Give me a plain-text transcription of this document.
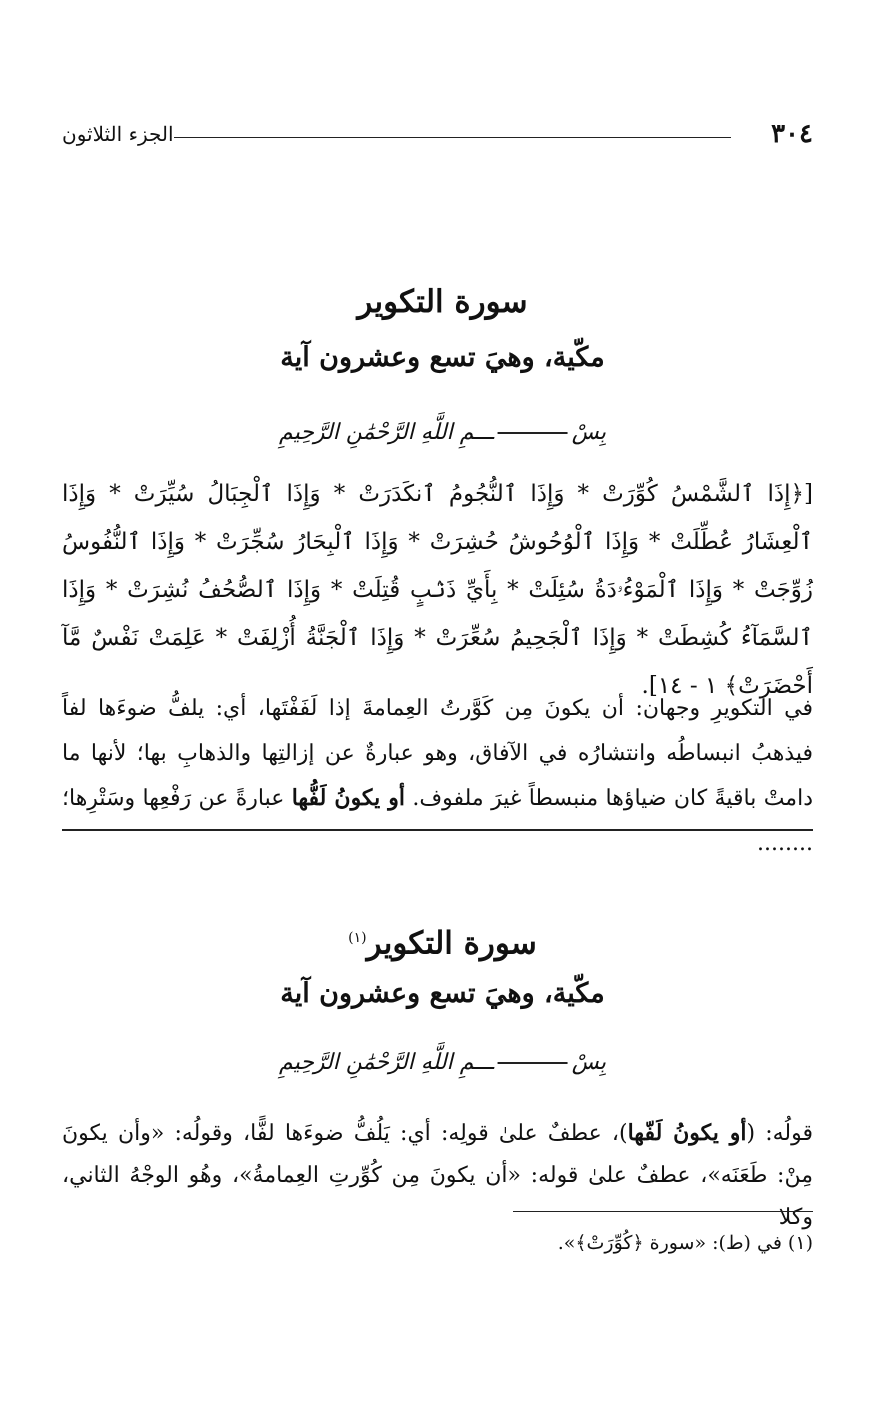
٣٠٤
الجزء الثلاثون
سورة التكوير
مكّية، وهيَ تسع وعشرون آية
بِسْـــمِ اللَّهِ الرَّحْمَٰنِ الرَّحِيمِ
[﴿إِذَا ٱلشَّمْسُ كُوِّرَتْ * وَإِذَا ٱلنُّجُومُ ٱنكَدَرَتْ * وَإِذَا ٱلْجِبَالُ سُيِّرَتْ * وَإِذَا ٱلْعِشَارُ عُطِّلَتْ * وَإِذَا ٱلْوُحُوشُ حُشِرَتْ * وَإِذَا ٱلْبِحَارُ سُجِّرَتْ * وَإِذَا ٱلنُّفُوسُ زُوِّجَتْ * وَإِذَا ٱلْمَوْءُۥدَةُ سُئِلَتْ * بِأَيِّ ذَنۢبٍ قُتِلَتْ * وَإِذَا ٱلصُّحُفُ نُشِرَتْ * وَإِذَا ٱلسَّمَآءُ كُشِطَتْ * وَإِذَا ٱلْجَحِيمُ سُعِّرَتْ * وَإِذَا ٱلْجَنَّةُ أُزْلِفَتْ * عَلِمَتْ نَفْسٌ مَّآ أَحْضَرَتْ﴾ ١ - ١٤].
في التكويرِ وجهان: أن يكونَ مِن كَوَّرتُ العِمامةَ إذا لَفَفْتَها، أي: يلفُّ ضوءَها لفاً فيذهبُ انبساطُه وانتشارُه في الآفاق، وهو عبارةٌ عن إزالتِها والذهابِ بها؛ لأنها ما دامتْ باقيةً كان ضياؤها منبسطاً غيرَ ملفوف. أو يكونُ لَفُّها عبارةً عن رَفْعِها وسَتْرِها؛ ........
سورة التكوير$^{(١)}$
مكّية، وهيَ تسع وعشرون آية
بِسْـــمِ اللَّهِ الرَّحْمَٰنِ الرَّحِيمِ
قولُه: (أو يكونُ لَفّها)، عطفٌ علىٰ قولِه: أي: يَلُفُّ ضوءَها لفًّا، وقولُه: «وأن يكونَ مِنْ: طَعَنَه»، عطفٌ علىٰ قوله: «أن يكونَ مِن كُوِّرتِ العِمامةُ»، وهُو الوجْهُ الثاني، وكلا
(١) في (ط): «سورة ﴿كُوِّرَتْ﴾».
